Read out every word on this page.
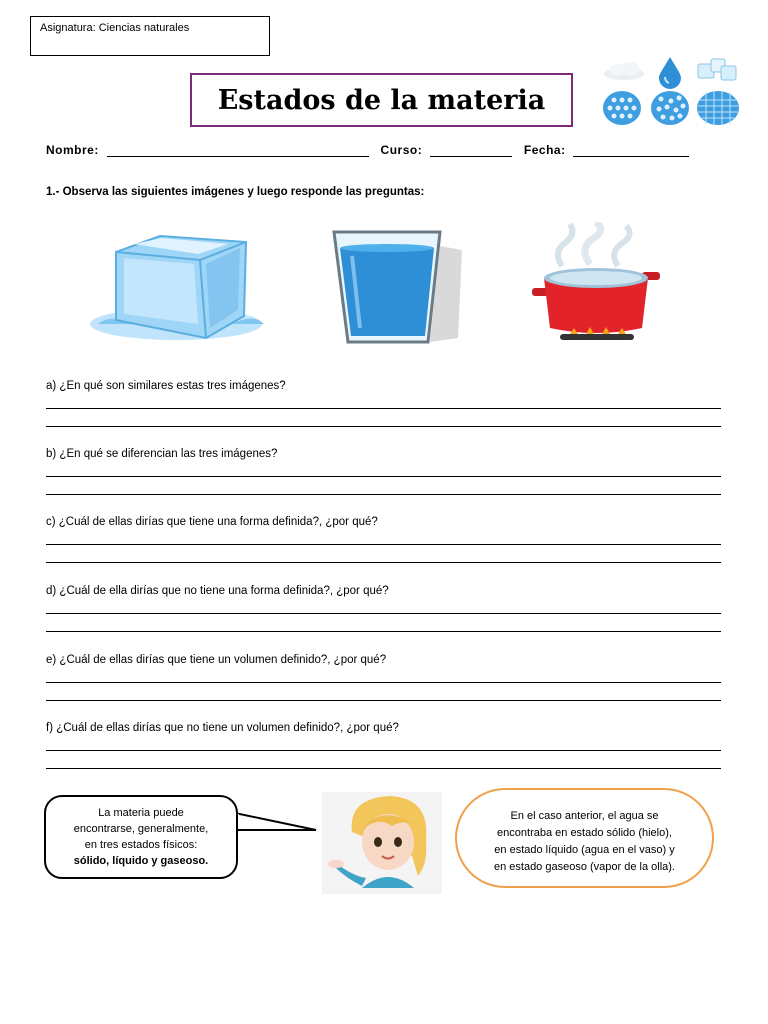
Asignatura: Ciencias naturales
Estados de la materia
Nombre:	Curso:	Fecha:
1.- Observa las siguientes imágenes y luego responde las preguntas:
a) ¿En qué son similares estas tres imágenes?
b) ¿En qué se diferencian las tres imágenes?
c) ¿Cuál de ellas dirías que tiene una forma definida?, ¿por qué?
d) ¿Cuál de ella dirías que no tiene una forma definida?, ¿por qué?
e) ¿Cuál de ellas dirías que tiene un volumen definido?, ¿por qué?
f) ¿Cuál de ellas dirías que no tiene un volumen definido?, ¿por qué?
La materia puede
encontrarse, generalmente,
en tres estados físicos:
sólido, líquido y gaseoso.
En el caso anterior, el agua se
encontraba en estado sólido (hielo),
en estado líquido (agua en el vaso) y
en estado gaseoso (vapor de la olla).
